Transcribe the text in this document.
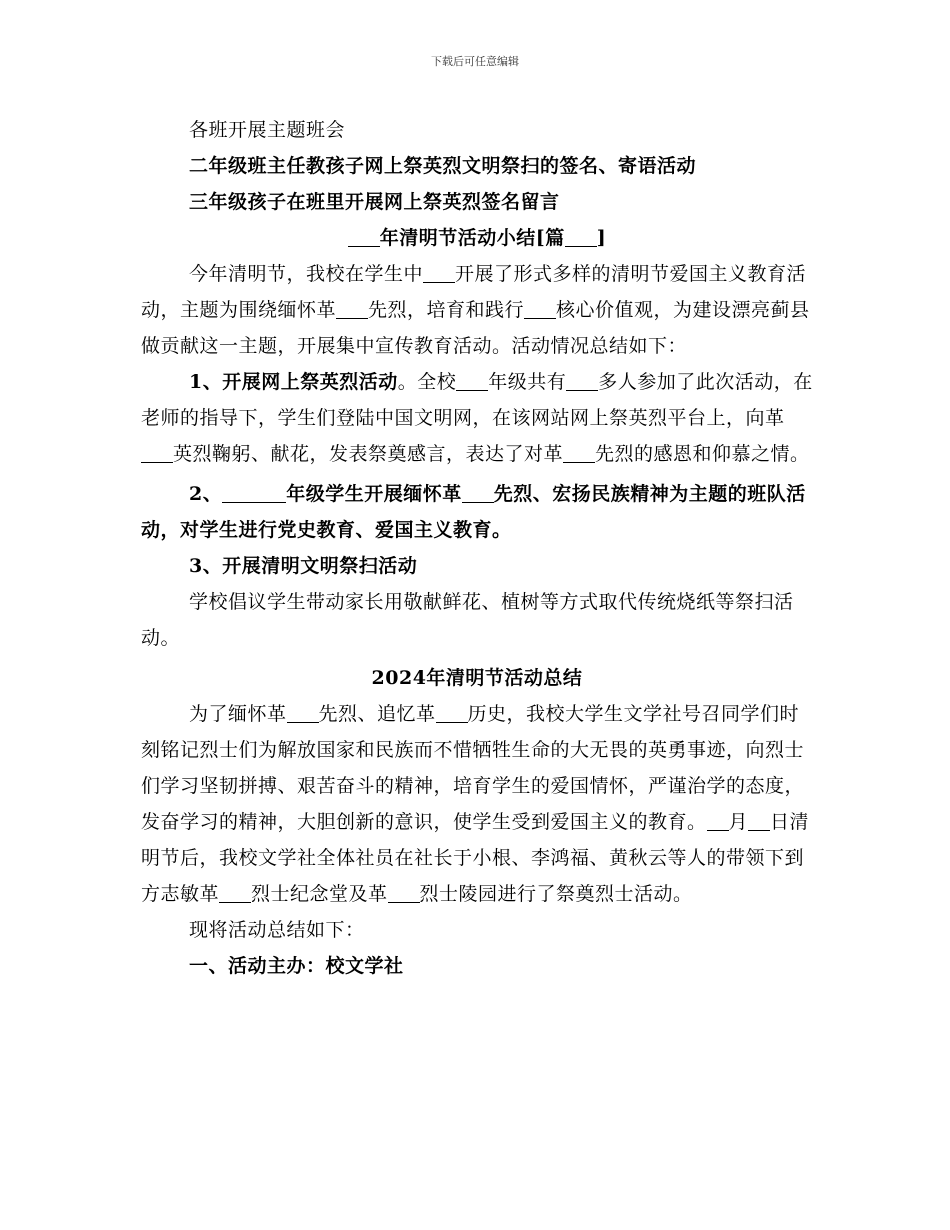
下载后可任意编辑

各班开展主题班会

二年级班主任教孩子网上祭英烈文明祭扫的签名、寄语活动

三年级孩子在班里开展网上祭英烈签名留言

年清明节活动小结[篇 ]

今年清明节，我校在学生中 开展了形式多样的清明节爱国主义教育活动，主题为围绕缅怀革 先烈，培育和践行 核心价值观，为建设漂亮蓟县做贡献这一主题，开展集中宣传教育活动。活动情况总结如下：

1、开展网上祭英烈活动。全校 年级共有 多人参加了此次活动，在老师的指导下，学生们登陆中国文明网，在该网站网上祭英烈平台上，向革英烈鞠躬、献花，发表祭奠感言，表达了对革 先烈的感恩和仰慕之情。

2、	年级学生开展缅怀革 先烈、宏扬民族精神为主题的班队活动，对学生进行党史教育、爱国主义教育。

3、开展清明文明祭扫活动

学校倡议学生带动家长用敬献鲜花、植树等方式取代传统烧纸等祭扫活动。

2024年清明节活动总结

为了缅怀革 先烈、追忆革 历史，我校大学生文学社号召同学们时刻铭记烈士们为解放国家和民族而不惜牺牲生命的大无畏的英勇事迹，向烈士们学习坚韧拼搏、艰苦奋斗的精神，培育学生的爱国情怀，严谨治学的态度，发奋学习的精神，大胆创新的意识，使学生受到爱国主义的教育。 月 日清明节后，我校文学社全体社员在社长于小根、李鸿福、黄秋云等人的带领下到方志敏革 烈士纪念堂及革 烈士陵园进行了祭奠烈士活动。

现将活动总结如下：

一、活动主办：校文学社
